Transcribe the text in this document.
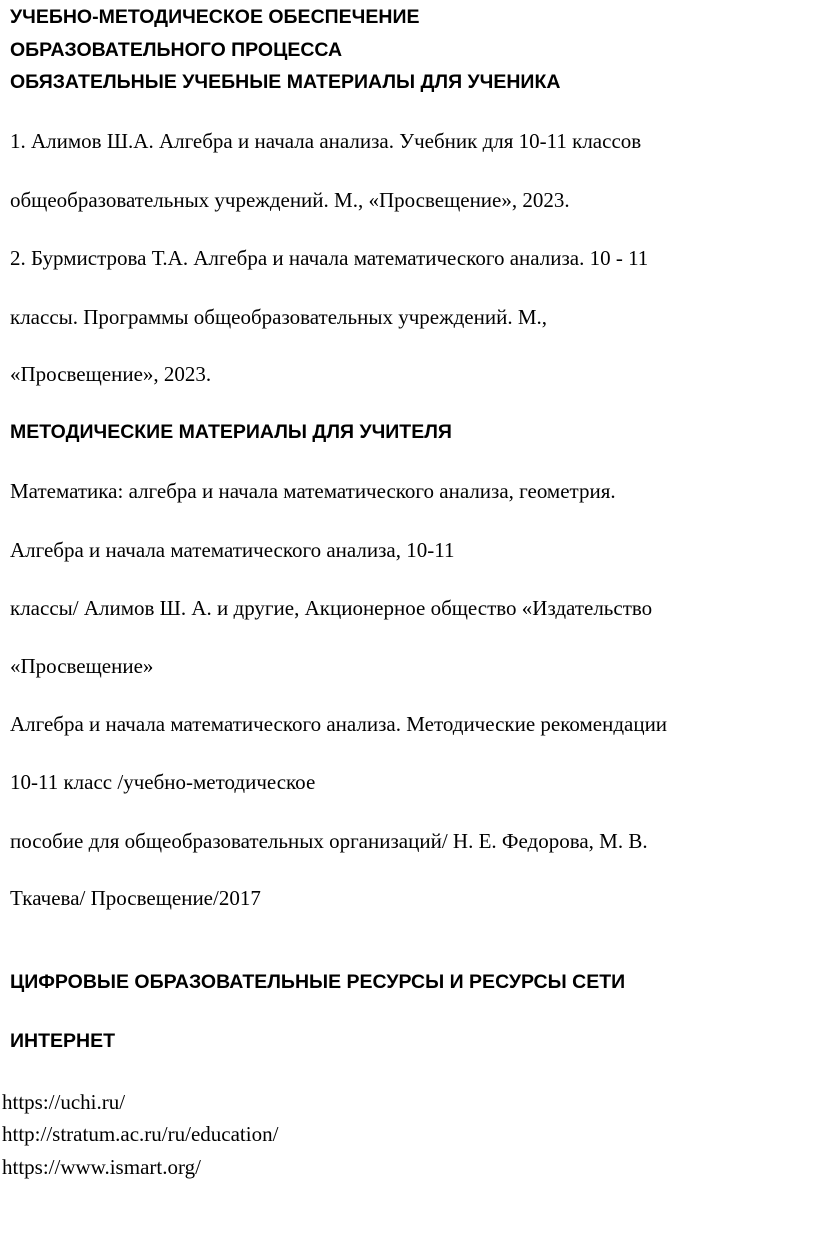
УЧЕБНО-МЕТОДИЧЕСКОЕ ОБЕСПЕЧЕНИЕ
ОБРАЗОВАТЕЛЬНОГО ПРОЦЕССА
ОБЯЗАТЕЛЬНЫЕ УЧЕБНЫЕ МАТЕРИАЛЫ ДЛЯ УЧЕНИКА
1. Алимов Ш.А. Алгебра и начала анализа. Учебник для 10-11 классов
общеобразовательных учреждений. М., «Просвещение», 2023.
2. Бурмистрова Т.А. Алгебра и начала математического анализа. 10 - 11
классы. Программы общеобразовательных учреждений. М.,
«Просвещение», 2023.
МЕТОДИЧЕСКИЕ МАТЕРИАЛЫ ДЛЯ УЧИТЕЛЯ
Математика: алгебра и начала математического анализа, геометрия.
Алгебра и начала математического анализа, 10-11
классы/ Алимов Ш. А. и другие, Акционерное общество «Издательство
«Просвещение»
Алгебра и начала математического анализа. Методические рекомендации
10-11 класс /учебно-методическое
пособие для общеобразовательных организаций/ Н. Е. Федорова, М. В.
Ткачева/ Просвещение/2017
ЦИФРОВЫЕ ОБРАЗОВАТЕЛЬНЫЕ РЕСУРСЫ И РЕСУРСЫ СЕТИ
ИНТЕРНЕТ
https://uchi.ru/
http://stratum.ac.ru/ru/education/
https://www.ismart.org/
